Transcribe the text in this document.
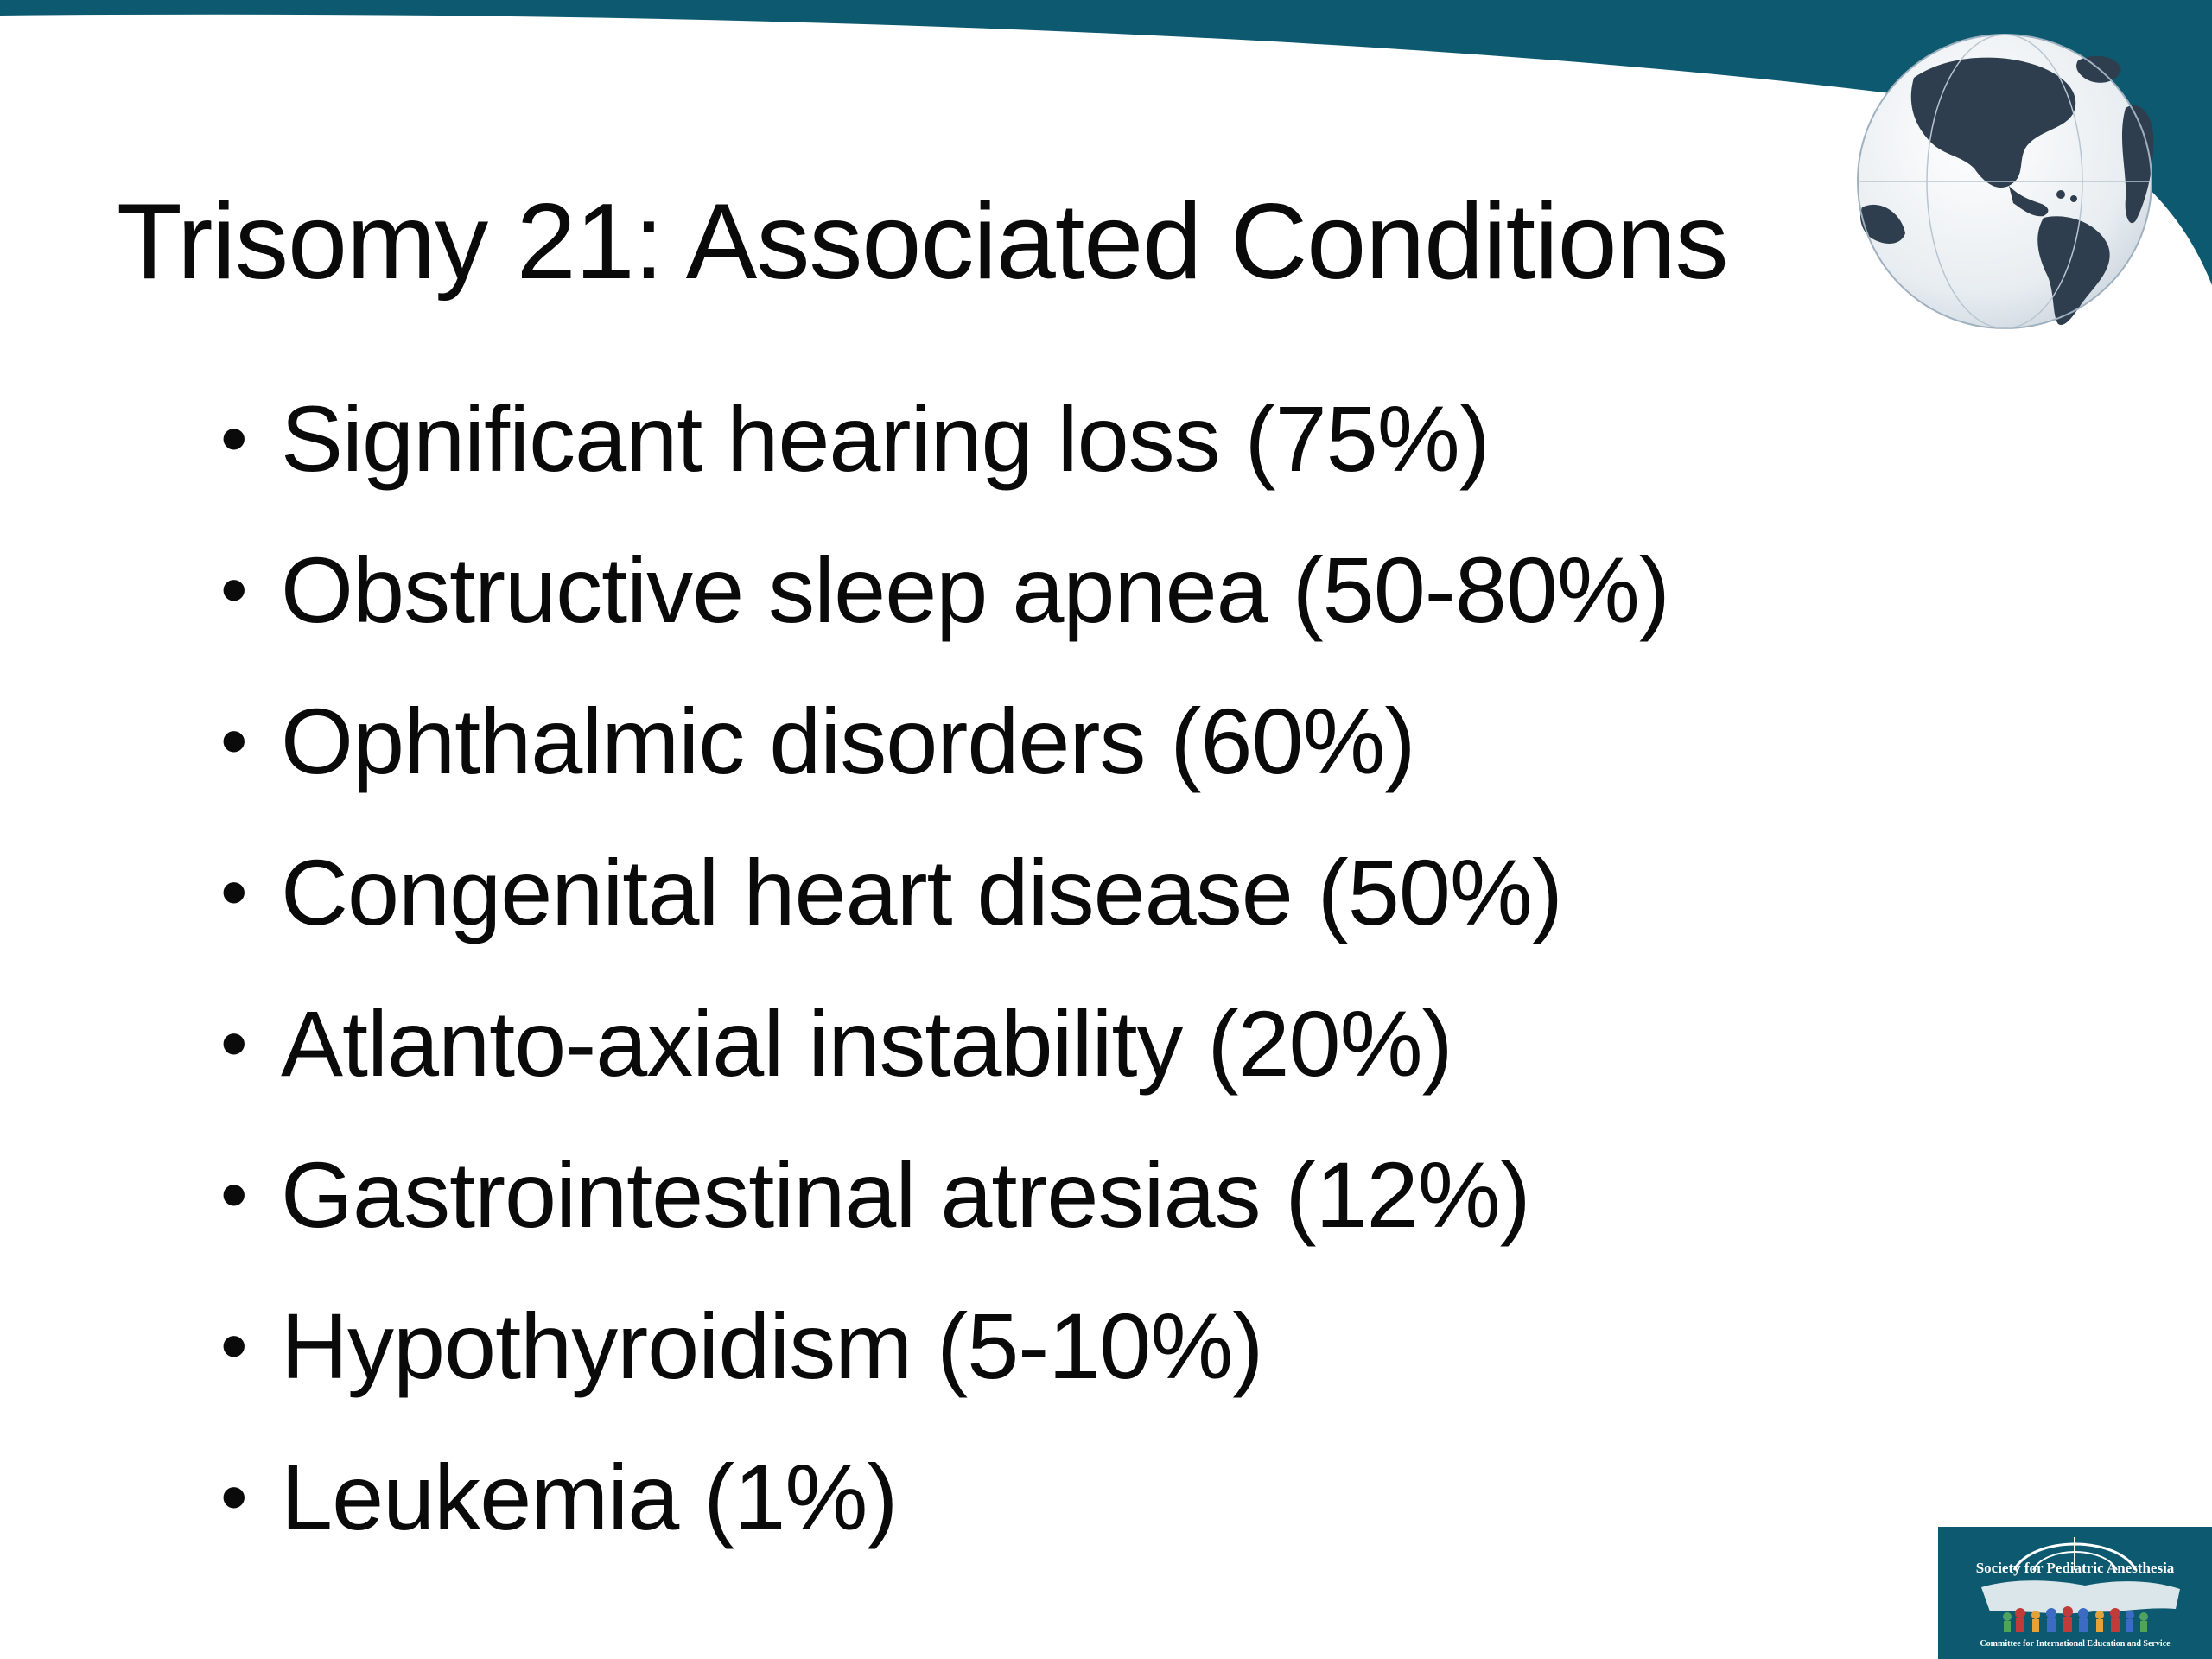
Trisomy 21: Associated Conditions
• Significant hearing loss (75%)
• Obstructive sleep apnea (50-80%)
• Ophthalmic disorders (60%)
• Congenital heart disease (50%)
• Atlanto-axial instability (20%)
• Gastrointestinal atresias (12%)
• Hypothyroidism (5-10%)
• Leukemia (1%)
Society for Pediatric Anesthesia
Committee for International Education and Service
